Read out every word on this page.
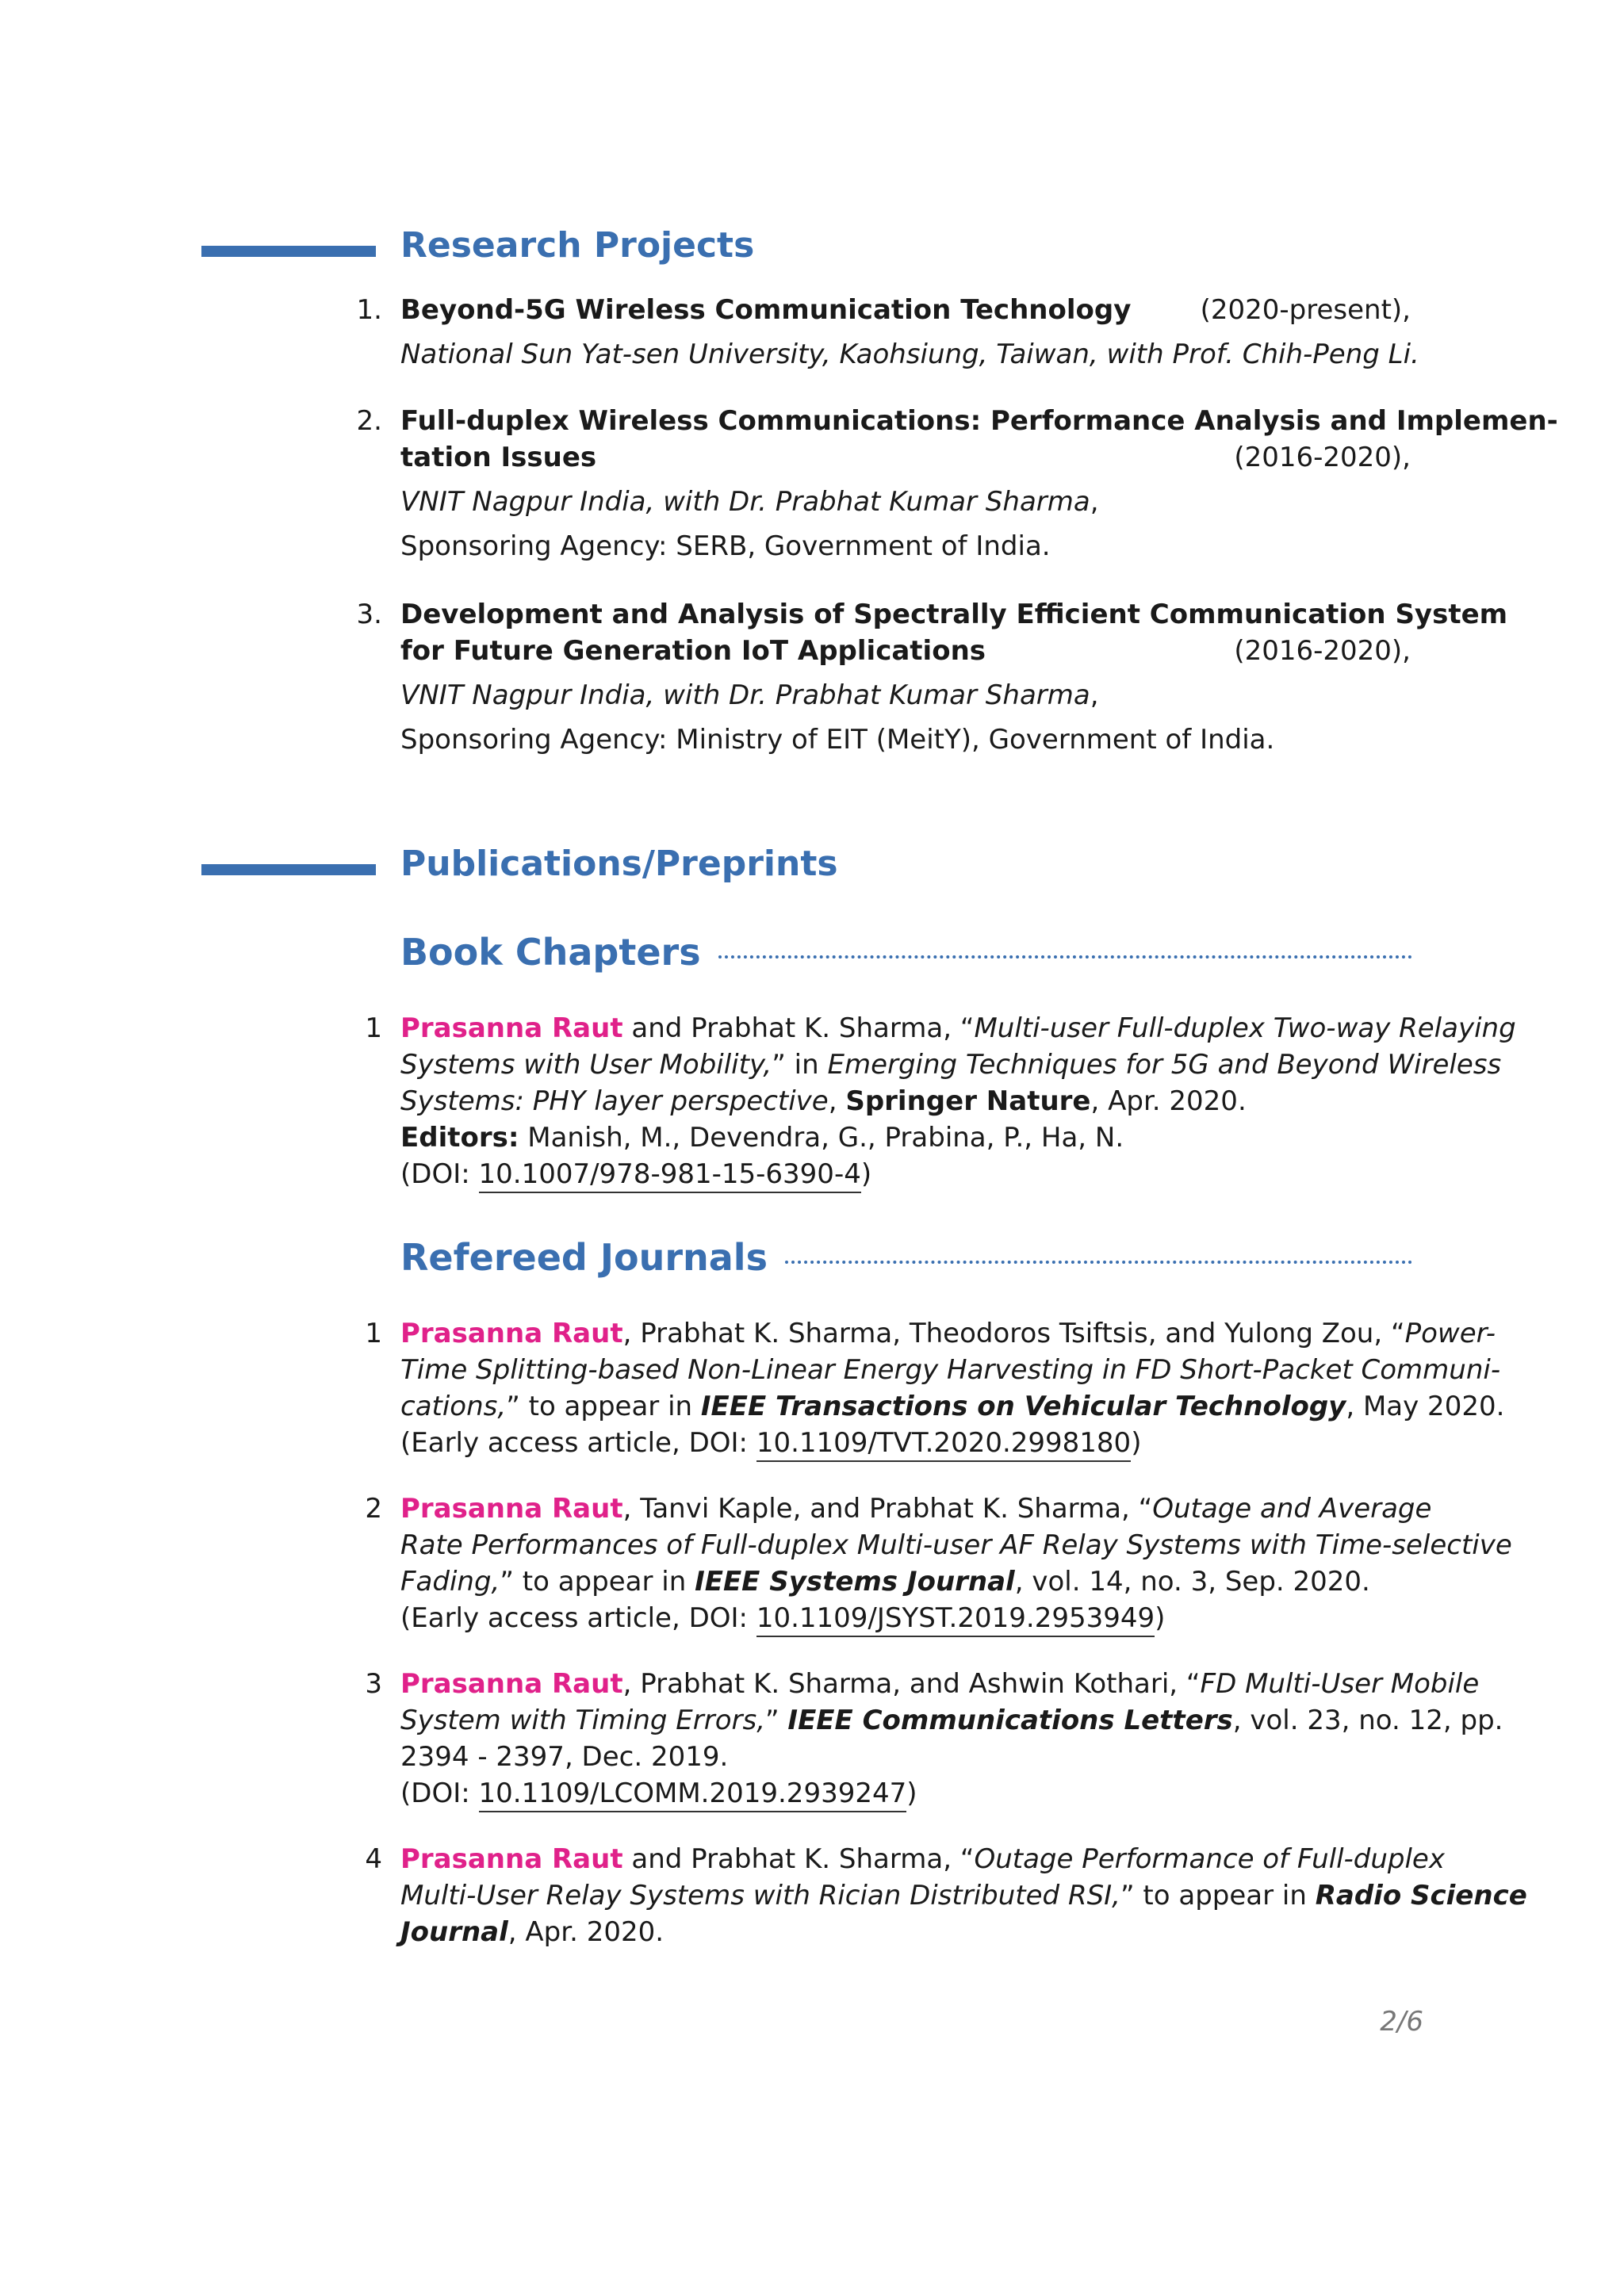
Research Projects
1. Beyond-5G Wireless Communication Technology	(2020-present),
National Sun Yat-sen University, Kaohsiung, Taiwan, with Prof. Chih-Peng Li.
2. Full-duplex Wireless Communications: Performance Analysis and Implemen-
tation Issues	(2016-2020),
VNIT Nagpur India, with Dr. Prabhat Kumar Sharma,
Sponsoring Agency: SERB, Government of India.
3. Development and Analysis of Spectrally Efficient Communication System
for Future Generation IoT Applications	(2016-2020),
VNIT Nagpur India, with Dr. Prabhat Kumar Sharma,
Sponsoring Agency: Ministry of EIT (MeitY), Government of India.
Publications/Preprints
Book Chapters
1 Prasanna Raut and Prabhat K. Sharma, “Multi-user Full-duplex Two-way Relaying
Systems with User Mobility,” in Emerging Techniques for 5G and Beyond Wireless
Systems: PHY layer perspective, Springer Nature, Apr. 2020.
Editors: Manish, M., Devendra, G., Prabina, P., Ha, N.
(DOI: 10.1007/978-981-15-6390-4)
Refereed Journals
1 Prasanna Raut, Prabhat K. Sharma, Theodoros Tsiftsis, and Yulong Zou, “Power-
Time Splitting-based Non-Linear Energy Harvesting in FD Short-Packet Communi-
cations,” to appear in IEEE Transactions on Vehicular Technology, May 2020.
(Early access article, DOI: 10.1109/TVT.2020.2998180)
2 Prasanna Raut, Tanvi Kaple, and Prabhat K. Sharma, “Outage and Average
Rate Performances of Full-duplex Multi-user AF Relay Systems with Time-selective
Fading,” to appear in IEEE Systems Journal, vol. 14, no. 3, Sep. 2020.
(Early access article, DOI: 10.1109/JSYST.2019.2953949)
3 Prasanna Raut, Prabhat K. Sharma, and Ashwin Kothari, “FD Multi-User Mobile
System with Timing Errors,” IEEE Communications Letters, vol. 23, no. 12, pp.
2394 - 2397, Dec. 2019.
(DOI: 10.1109/LCOMM.2019.2939247)
4 Prasanna Raut and Prabhat K. Sharma, “Outage Performance of Full-duplex
Multi-User Relay Systems with Rician Distributed RSI,” to appear in Radio Science
Journal, Apr. 2020.
2/6
